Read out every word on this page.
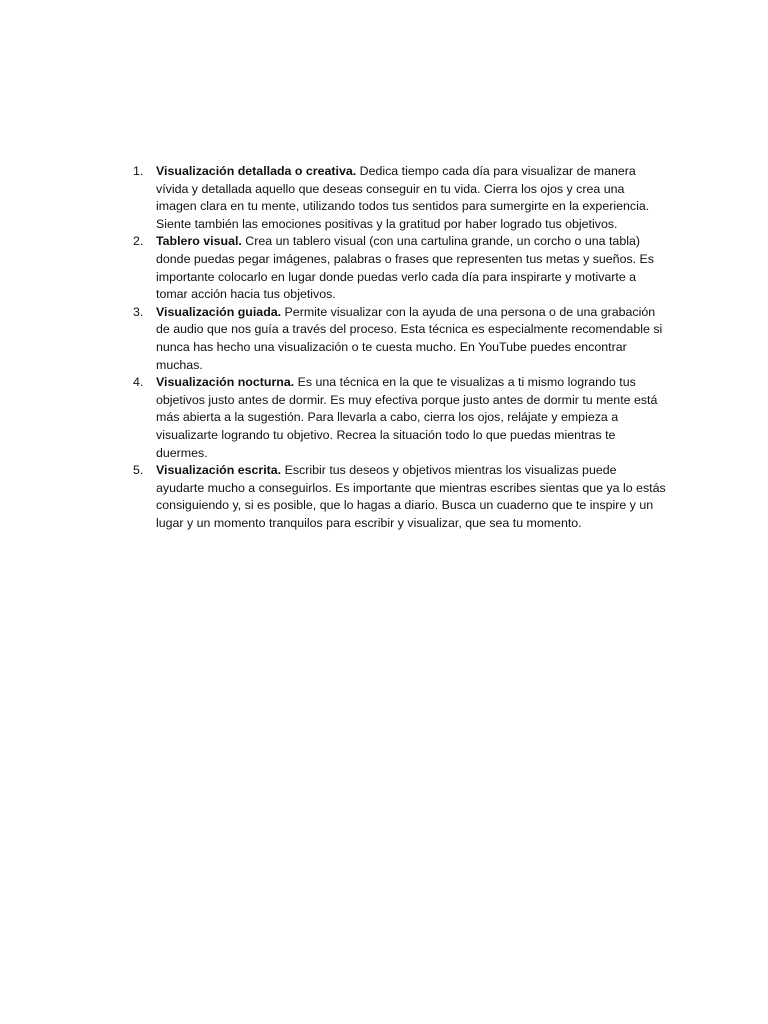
1.	Visualización detallada o creativa. Dedica tiempo cada día para visualizar de manera vívida y detallada aquello que deseas conseguir en tu vida. Cierra los ojos y crea una imagen clara en tu mente, utilizando todos tus sentidos para sumergirte en la experiencia. Siente también las emociones positivas y la gratitud por haber logrado tus objetivos.
2.	Tablero visual. Crea un tablero visual (con una cartulina grande, un corcho o una tabla) donde puedas pegar imágenes, palabras o frases que representen tus metas y sueños. Es importante colocarlo en lugar donde puedas verlo cada día para inspirarte y motivarte a tomar acción hacia tus objetivos.
3.	Visualización guiada. Permite visualizar con la ayuda de una persona o de una grabación de audio que nos guía a través del proceso. Esta técnica es especialmente recomendable si nunca has hecho una visualización o te cuesta mucho. En YouTube puedes encontrar muchas.
4.	Visualización nocturna. Es una técnica en la que te visualizas a ti mismo logrando tus objetivos justo antes de dormir. Es muy efectiva porque justo antes de dormir tu mente está más abierta a la sugestión. Para llevarla a cabo, cierra los ojos, relájate y empieza a visualizarte logrando tu objetivo. Recrea la situación todo lo que puedas mientras te duermes.
5.	Visualización escrita. Escribir tus deseos y objetivos mientras los visualizas puede ayudarte mucho a conseguirlos. Es importante que mientras escribes sientas que ya lo estás consiguiendo y, si es posible, que lo hagas a diario. Busca un cuaderno que te inspire y un lugar y un momento tranquilos para escribir y visualizar, que sea tu momento.
